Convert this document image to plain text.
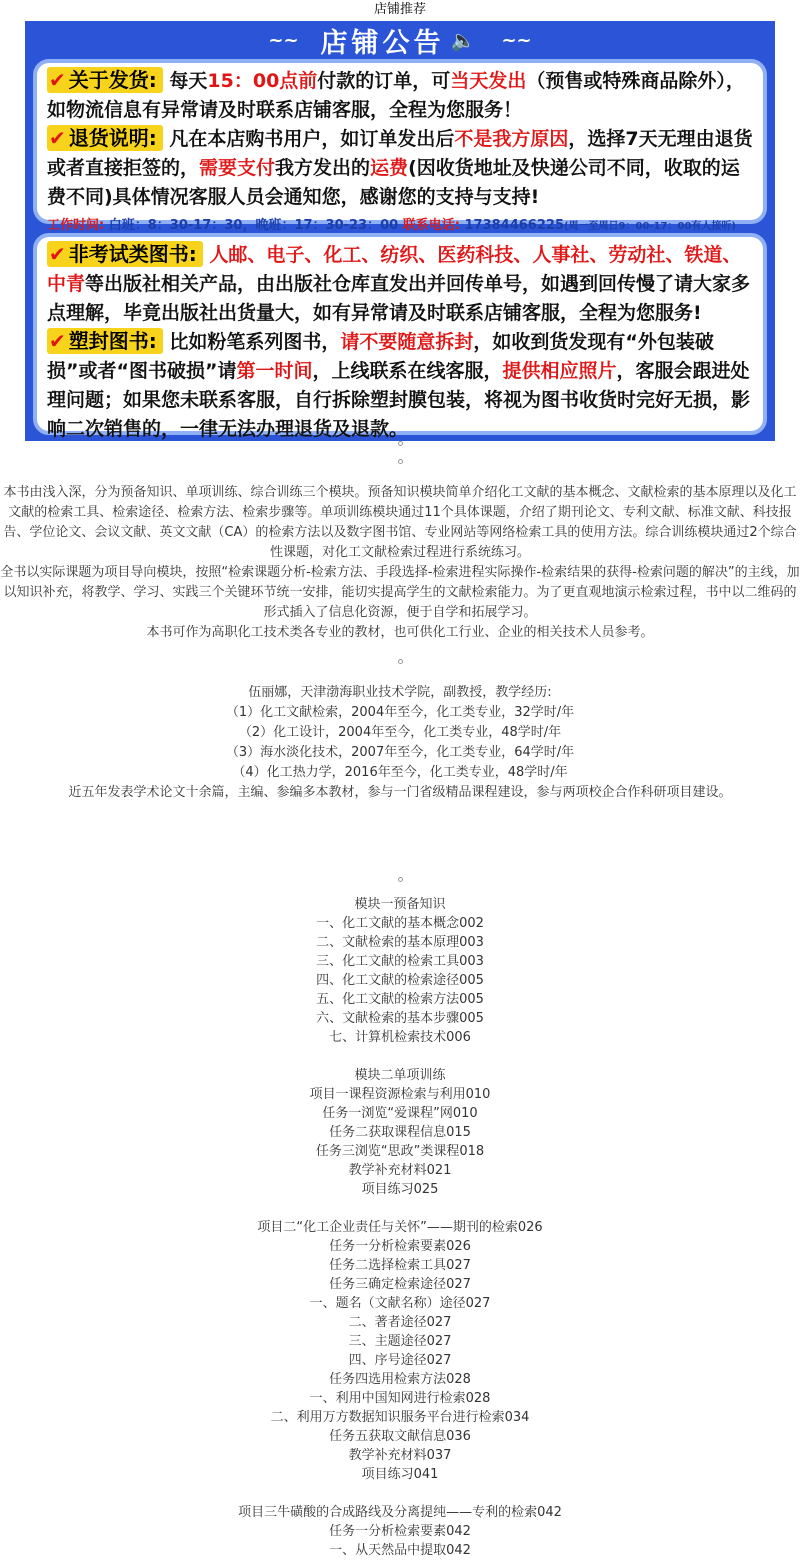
店铺推荐
~~ 店铺公告 🔈 ~~

✔ 关于发货: 每天15：00点前付款的订单，可当天发出（预售或特殊商品除外），如物流信息有异常请及时联系店铺客服，全程为您服务！

✔ 退货说明: 凡在本店购书用户，如订单发出后不是我方原因，选择7天无理由退货或者直接拒签的，需要支付我方发出的运费(因收货地址及快递公司不同，收取的运费不同)具体情况客服人员会通知您，感谢您的支持与支持!

工作时间: 白班：8：30-17：30，晚班：17：30-23：00 联系电话: 17384466225(周一至周日9：00-17：00有人接听)

✔ 非考试类图书: 人邮、电子、化工、纺织、医药科技、人事社、劳动社、铁道、中青等出版社相关产品，由出版社仓库直发出并回传单号，如遇到回传慢了请大家多点理解，毕竟出版社出货量大，如有异常请及时联系店铺客服，全程为您服务!

✔ 塑封图书: 比如粉笔系列图书，请不要随意拆封，如收到货发现有“外包装破损”或者“图书破损”请第一时间，上线联系在线客服，提供相应照片，客服会跟进处理问题；如果您未联系客服，自行拆除塑封膜包装，将视为图书收货时完好无损，影响二次销售的，一律无法办理退货及退款。

本书由浅入深，分为预备知识、单项训练、综合训练三个模块。预备知识模块简单介绍化工文献的基本概念、文献检索的基本原理以及化工文献的检索工具、检索途径、检索方法、检索步骤等。单项训练模块通过11个具体课题，介绍了期刊论文、专利文献、标准文献、科技报告、学位论文、会议文献、英文文献（CA）的检索方法以及数字图书馆、专业网站等网络检索工具的使用方法。综合训练模块通过2个综合性课题，对化工文献检索过程进行系统练习。
全书以实际课题为项目导向模块，按照“检索课题分析-检索方法、手段选择-检索进程实际操作-检索结果的获得-检索问题的解决”的主线，加以知识补充，将教学、学习、实践三个关键环节统一安排，能切实提高学生的文献检索能力。为了更直观地演示检索过程，书中以二维码的形式插入了信息化资源，便于自学和拓展学习。
本书可作为高职化工技术类各专业的教材，也可供化工行业、企业的相关技术人员参考。
伍丽娜，天津渤海职业技术学院，副教授，教学经历:
（1）化工文献检索，2004年至今，化工类专业，32学时/年
（2）化工设计，2004年至今，化工类专业，48学时/年
（3）海水淡化技术，2007年至今，化工类专业，64学时/年
（4）化工热力学，2016年至今，化工类专业，48学时/年
近五年发表学术论文十余篇，主编、参编多本教材，参与一门省级精品课程建设，参与两项校企合作科研项目建设。
模块一预备知识
一、化工文献的基本概念002
二、文献检索的基本原理003
三、化工文献的检索工具003
四、化工文献的检索途径005
五、化工文献的检索方法005
六、文献检索的基本步骤005
七、计算机检索技术006
模块二单项训练
项目一课程资源检索与利用010
任务一浏览“爱课程”网010
任务二获取课程信息015
任务三浏览“思政”类课程018
教学补充材料021
项目练习025
项目二“化工企业责任与关怀”——期刊的检索026
任务一分析检索要素026
任务二选择检索工具027
任务三确定检索途径027
一、题名（文献名称）途径027
二、著者途径027
三、主题途径027
四、序号途径027
任务四选用检索方法028
一、利用中国知网进行检索028
二、利用万方数据知识服务平台进行检索034
任务五获取文献信息036
教学补充材料037
项目练习041
项目三牛磺酸的合成路线及分离提纯——专利的检索042
任务一分析检索要素042
一、从天然品中提取042
